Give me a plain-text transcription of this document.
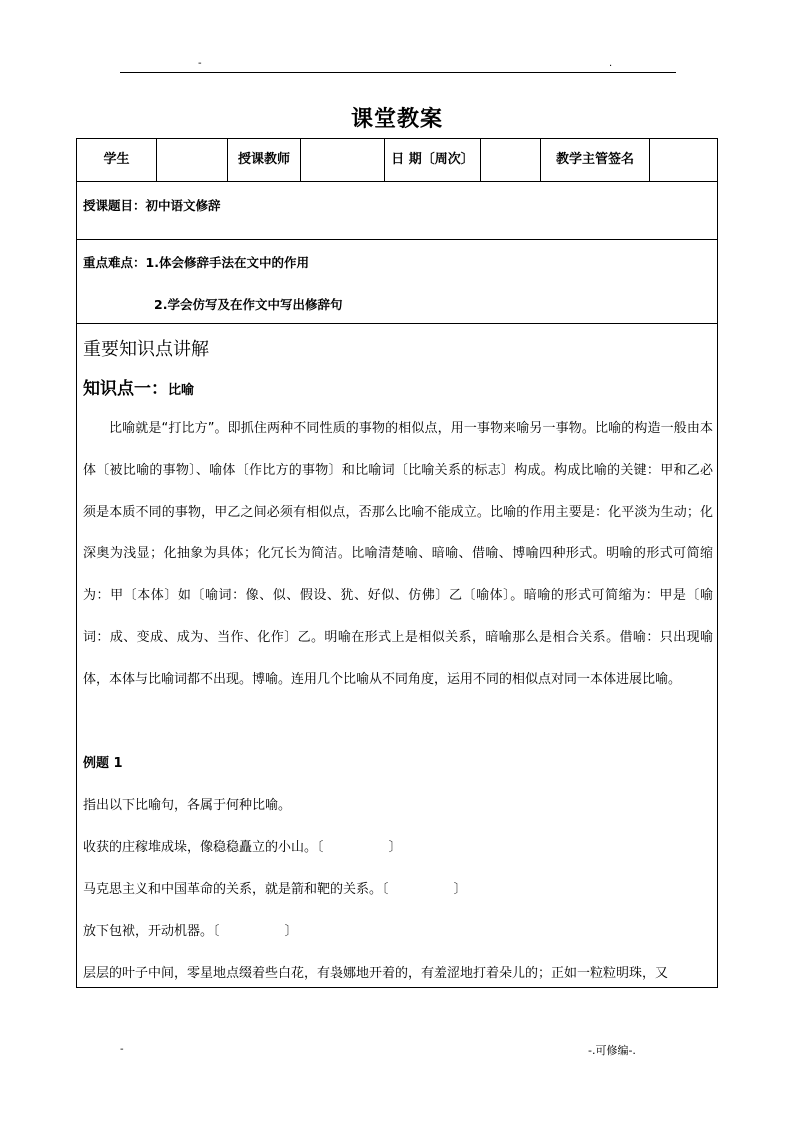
-	.
课堂教案
学生	授课教师	日 期〔周次〕	教学主管签名
授课题目：初中语文修辞
重点难点：1.体会修辞手法在文中的作用
2.学会仿写及在作文中写出修辞句
重要知识点讲解
知识点一：比喻
比喻就是“打比方”。即抓住两种不同性质的事物的相似点，用一事物来喻另一事物。比喻的构造一般由本体〔被比喻的事物〕、喻体〔作比方的事物〕和比喻词〔比喻关系的标志〕构成。构成比喻的关键：甲和乙必须是本质不同的事物，甲乙之间必须有相似点，否那么比喻不能成立。比喻的作用主要是：化平淡为生动；化深奥为浅显；化抽象为具体；化冗长为简洁。比喻清楚喻、暗喻、借喻、博喻四种形式。明喻的形式可简缩为：甲〔本体〕如〔喻词：像、似、假设、犹、好似、仿佛〕乙〔喻体〕。暗喻的形式可简缩为：甲是〔喻词：成、变成、成为、当作、化作〕乙。明喻在形式上是相似关系，暗喻那么是相合关系。借喻：只出现喻体，本体与比喻词都不出现。博喻。连用几个比喻从不同角度，运用不同的相似点对同一本体进展比喻。
例题 1
指出以下比喻句，各属于何种比喻。
收获的庄稼堆成垛，像稳稳矗立的小山。〔　　　　　〕
马克思主义和中国革命的关系，就是箭和靶的关系。〔　　　　　〕
放下包袱，开动机器。〔　　　　　〕
层层的叶子中间，零星地点缀着些白花，有袅娜地开着的，有羞涩地打着朵儿的；正如一粒粒明珠，又
-	-.可修编-.
